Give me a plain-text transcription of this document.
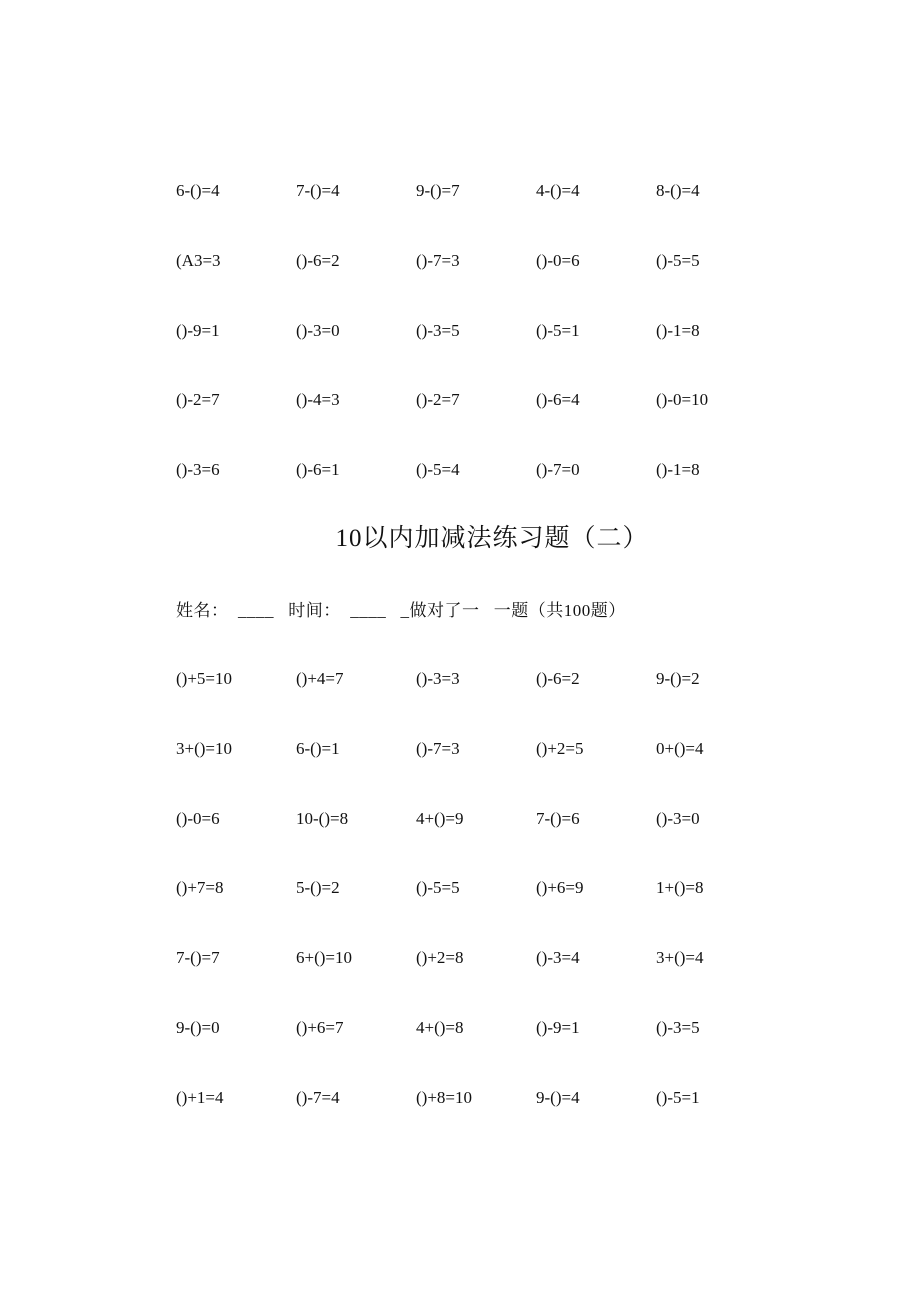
6-()=4	7-()=4	9-()=7	4-()=4	8-()=4
(A3=3	()-6=2	()-7=3	()-0=6	()-5=5
()-9=1	()-3=0	()-3=5	()-5=1	()-1=8
()-2=7	()-4=3	()-2=7	()-6=4	()-0=10
()-3=6	()-6=1	()-5=4	()-7=0	()-1=8
10以内加减法练习题（二）
姓名：  ____   时间：  ____   _做对了一   一题（共100题）
()+5=10	()+4=7	()-3=3	()-6=2	9-()=2
3+()=10	6-()=1	()-7=3	()+2=5	0+()=4
()-0=6	10-()=8	4+()=9	7-()=6	()-3=0
()+7=8	5-()=2	()-5=5	()+6=9	1+()=8
7-()=7	6+()=10	()+2=8	()-3=4	3+()=4
9-()=0	()+6=7	4+()=8	()-9=1	()-3=5
()+1=4	()-7=4	()+8=10	9-()=4	()-5=1
